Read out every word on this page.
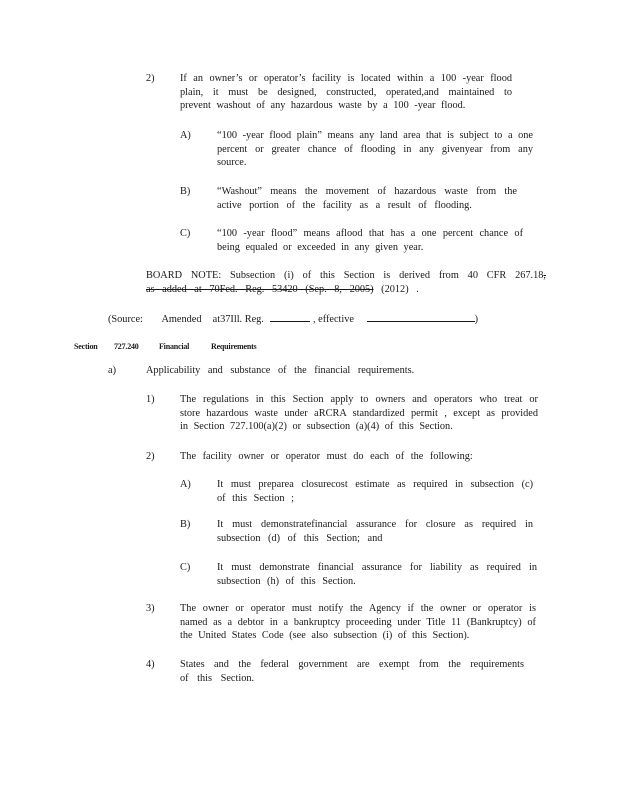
2) If an owner’s or operator’s facility is located within a 100 -year flood plain, it must be designed, constructed, operated,and maintained to prevent washout of any hazardous waste by a 100 -year flood.
A)	“100 -year flood plain” means any land area that is subject to a one percent or greater chance of flooding in any givenyear from any source.
B)	“Washout” means the movement of hazardous waste from the active portion of the facility as a result of flooding.
C)	“100 -year flood” means aflood that has a one percent chance of being equaled or exceeded in any given year.
BOARD NOTE: Subsection (i) of this Section is derived from 40 CFR 267.18, as added at 70Fed. Reg. 53420 (Sep. 8, 2005) (2012) .
(Source: Amended at37Ill. Reg.	, effective	)
Section 727.240	Financial	Requirements
a)	Applicability and substance of the financial requirements.
1) The regulations in this Section apply to owners and operators who treat or store hazardous waste under aRCRA standardized permit , except as provided in Section 727.100(a)(2) or subsection (a)(4) of this Section.
2) The facility owner or operator must do each of the following:
A)	It must preparea closurecost estimate as required in subsection (c) of this Section ;
B)	It must demonstratefinancial assurance for closure as required in subsection (d) of this Section; and
C)	It must demonstrate financial assurance for liability as required in subsection (h) of this Section.
3) The owner or operator must notify the Agency if the owner or operator is named as a debtor in a bankruptcy proceeding under Title 11 (Bankruptcy) of the United States Code (see also subsection (i) of this Section).
4) States and the federal government are exempt from the requirements of this Section.
